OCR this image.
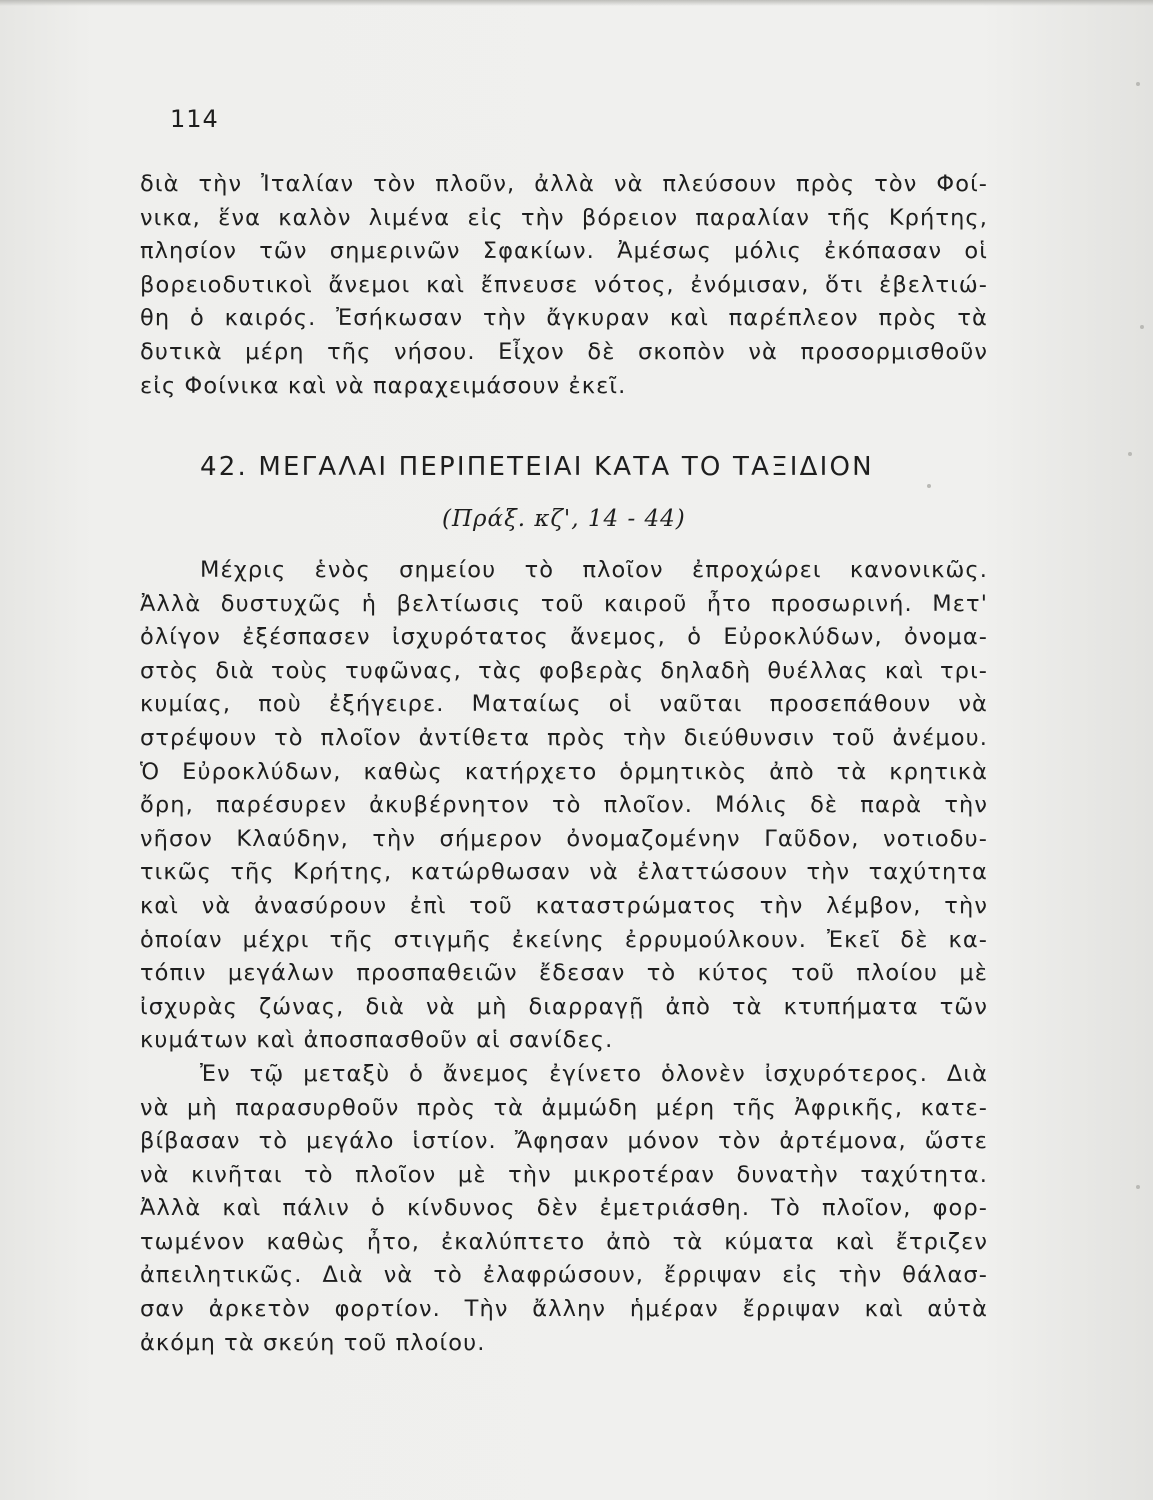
114
διὰ τὴν Ἰταλίαν τὸν πλοῦν, ἀλλὰ νὰ πλεύσουν πρὸς τὸν Φοί-
νικα, ἕνα καλὸν λιμένα εἰς τὴν βόρειον παραλίαν τῆς Κρήτης,
πλησίον τῶν σημερινῶν Σφακίων. Ἀμέσως μόλις ἐκόπασαν οἱ
βορειοδυτικοὶ ἄνεμοι καὶ ἔπνευσε νότος, ἐνόμισαν, ὅτι ἐβελτιώ-
θη ὁ καιρός. Ἐσήκωσαν τὴν ἄγκυραν καὶ παρέπλεον πρὸς τὰ
δυτικὰ μέρη τῆς νήσου. Εἶχον δὲ σκοπὸν νὰ προσορμισθοῦν
εἰς Φοίνικα καὶ νὰ παραχειμάσουν ἐκεῖ.
42. ΜΕΓΑΛΑΙ ΠΕΡΙΠΕΤΕΙΑΙ ΚΑΤΑ ΤΟ ΤΑΞΙΔΙΟΝ
(Πράξ. κζ', 14 - 44)
Μέχρις ἑνὸς σημείου τὸ πλοῖον ἐπροχώρει κανονικῶς.
Ἀλλὰ δυστυχῶς ἡ βελτίωσις τοῦ καιροῦ ἦτο προσωρινή. Μετ'
ὀλίγον ἐξέσπασεν ἰσχυρότατος ἄνεμος, ὁ Εὐροκλύδων, ὀνομα-
στὸς διὰ τοὺς τυφῶνας, τὰς φοβερὰς δηλαδὴ θυέλλας καὶ τρι-
κυμίας, ποὺ ἐξήγειρε. Ματαίως οἱ ναῦται προσεπάθουν νὰ
στρέψουν τὸ πλοῖον ἀντίθετα πρὸς τὴν διεύθυνσιν τοῦ ἀνέμου.
Ὁ Εὐροκλύδων, καθὼς κατήρχετο ὁρμητικὸς ἀπὸ τὰ κρητικὰ
ὄρη, παρέσυρεν ἀκυβέρνητον τὸ πλοῖον. Μόλις δὲ παρὰ τὴν
νῆσον Κλαύδην, τὴν σήμερον ὀνομαζομένην Γαῦδον, νοτιοδυ-
τικῶς τῆς Κρήτης, κατώρθωσαν νὰ ἐλαττώσουν τὴν ταχύτητα
καὶ νὰ ἀνασύρουν ἐπὶ τοῦ καταστρώματος τὴν λέμβον, τὴν
ὁποίαν μέχρι τῆς στιγμῆς ἐκείνης ἐρρυμούλκουν. Ἐκεῖ δὲ κα-
τόπιν μεγάλων προσπαθειῶν ἔδεσαν τὸ κύτος τοῦ πλοίου μὲ
ἰσχυρὰς ζώνας, διὰ νὰ μὴ διαρραγῇ ἀπὸ τὰ κτυπήματα τῶν
κυμάτων καὶ ἀποσπασθοῦν αἱ σανίδες.
Ἐν τῷ μεταξὺ ὁ ἄνεμος ἐγίνετο ὁλονὲν ἰσχυρότερος. Διὰ
νὰ μὴ παρασυρθοῦν πρὸς τὰ ἀμμώδη μέρη τῆς Ἀφρικῆς, κατε-
βίβασαν τὸ μεγάλο ἱστίον. Ἄφησαν μόνον τὸν ἀρτέμονα, ὥστε
νὰ κινῆται τὸ πλοῖον μὲ τὴν μικροτέραν δυνατὴν ταχύτητα.
Ἀλλὰ καὶ πάλιν ὁ κίνδυνος δὲν ἐμετριάσθη. Τὸ πλοῖον, φορ-
τωμένον καθὼς ἦτο, ἐκαλύπτετο ἀπὸ τὰ κύματα καὶ ἔτριζεν
ἀπειλητικῶς. Διὰ νὰ τὸ ἐλαφρώσουν, ἔρριψαν εἰς τὴν θάλασ-
σαν ἀρκετὸν φορτίον. Τὴν ἄλλην ἡμέραν ἔρριψαν καὶ αὐτὰ
ἀκόμη τὰ σκεύη τοῦ πλοίου.
